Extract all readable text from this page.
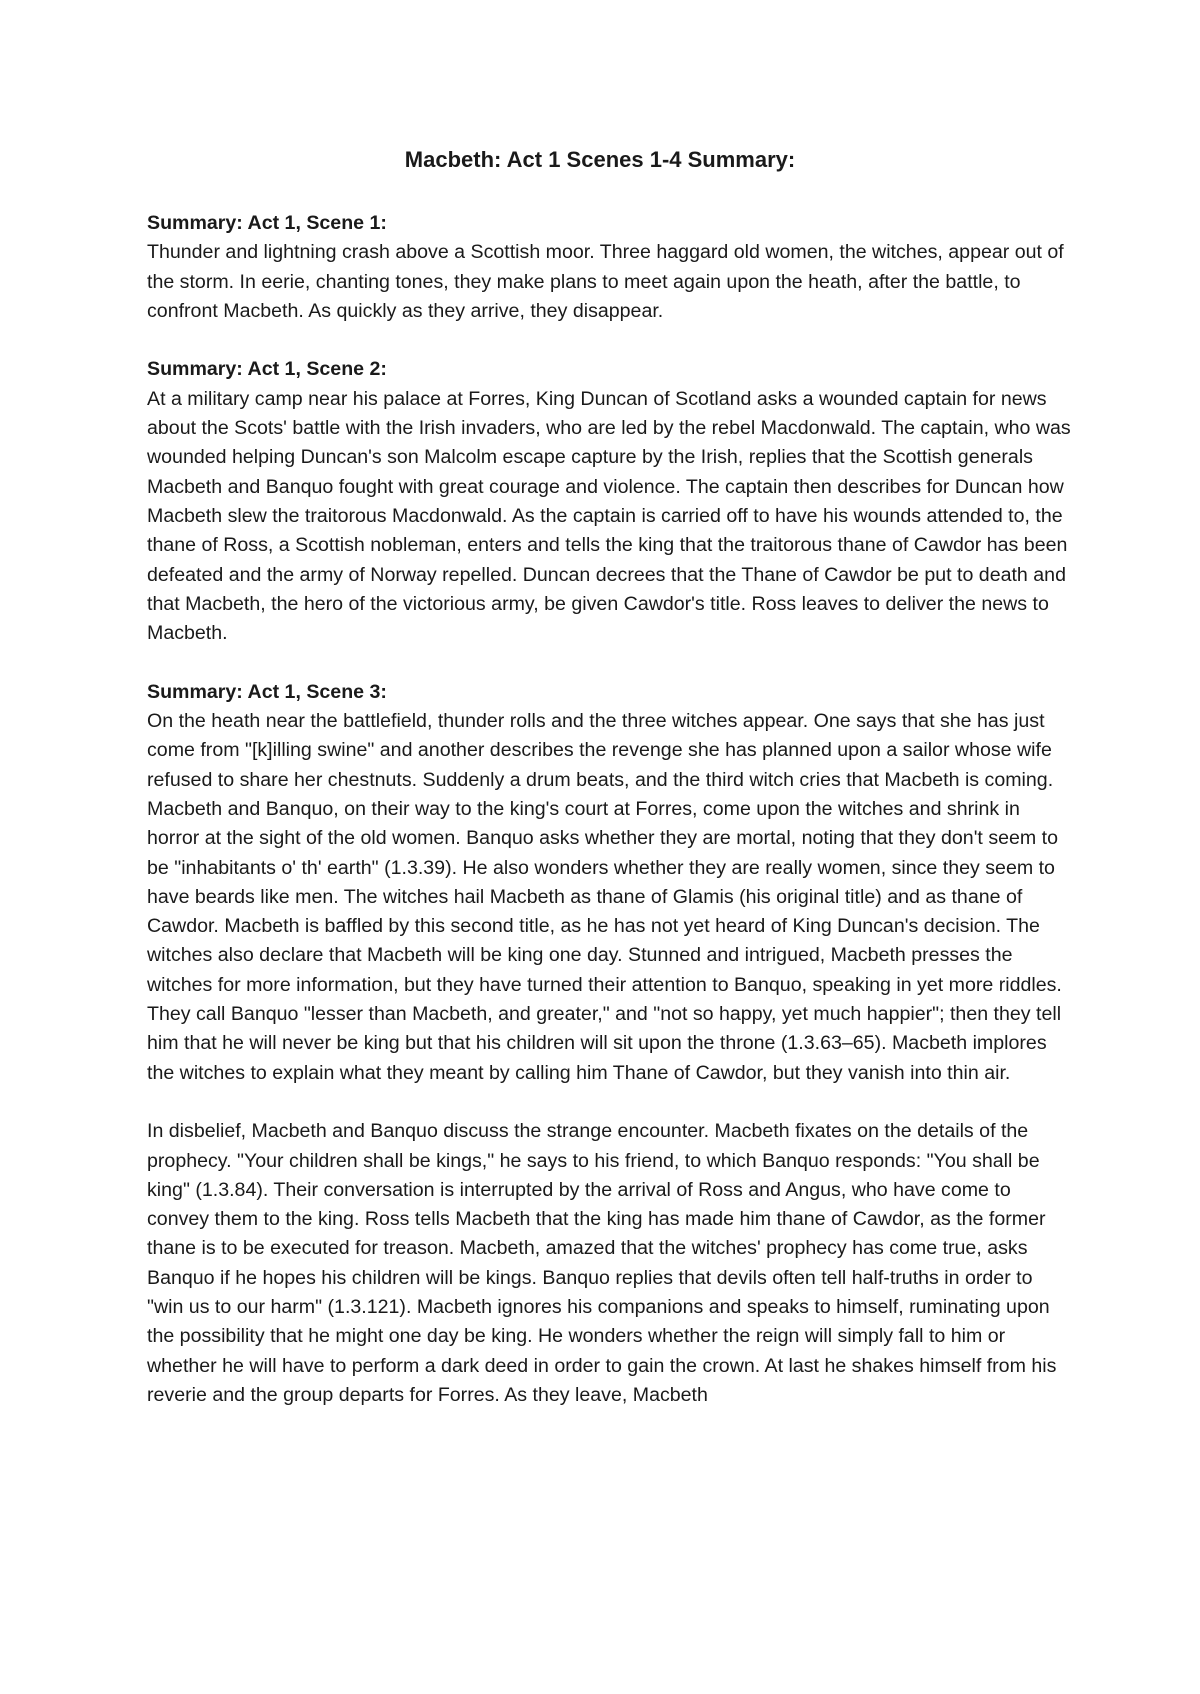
Macbeth: Act 1 Scenes 1-4 Summary:

Summary: Act 1, Scene 1:

Thunder and lightning crash above a Scottish moor. Three haggard old women, the witches, appear out of the storm. In eerie, chanting tones, they make plans to meet again upon the heath, after the battle, to confront Macbeth. As quickly as they arrive, they disappear.

Summary: Act 1, Scene 2:

At a military camp near his palace at Forres, King Duncan of Scotland asks a wounded captain for news about the Scots' battle with the Irish invaders, who are led by the rebel Macdonwald. The captain, who was wounded helping Duncan's son Malcolm escape capture by the Irish, replies that the Scottish generals Macbeth and Banquo fought with great courage and violence. The captain then describes for Duncan how Macbeth slew the traitorous Macdonwald. As the captain is carried off to have his wounds attended to, the thane of Ross, a Scottish nobleman, enters and tells the king that the traitorous thane of Cawdor has been defeated and the army of Norway repelled. Duncan decrees that the Thane of Cawdor be put to death and that Macbeth, the hero of the victorious army, be given Cawdor's title. Ross leaves to deliver the news to Macbeth.

Summary: Act 1, Scene 3:

On the heath near the battlefield, thunder rolls and the three witches appear. One says that she has just come from "[k]illing swine" and another describes the revenge she has planned upon a sailor whose wife refused to share her chestnuts. Suddenly a drum beats, and the third witch cries that Macbeth is coming. Macbeth and Banquo, on their way to the king's court at Forres, come upon the witches and shrink in horror at the sight of the old women. Banquo asks whether they are mortal, noting that they don't seem to be "inhabitants o' th' earth" (1.3.39). He also wonders whether they are really women, since they seem to have beards like men. The witches hail Macbeth as thane of Glamis (his original title) and as thane of Cawdor. Macbeth is baffled by this second title, as he has not yet heard of King Duncan's decision. The witches also declare that Macbeth will be king one day. Stunned and intrigued, Macbeth presses the witches for more information, but they have turned their attention to Banquo, speaking in yet more riddles. They call Banquo "lesser than Macbeth, and greater," and "not so happy, yet much happier"; then they tell him that he will never be king but that his children will sit upon the throne (1.3.63–65). Macbeth implores the witches to explain what they meant by calling him Thane of Cawdor, but they vanish into thin air.

In disbelief, Macbeth and Banquo discuss the strange encounter. Macbeth fixates on the details of the prophecy. "Your children shall be kings," he says to his friend, to which Banquo responds: "You shall be king" (1.3.84). Their conversation is interrupted by the arrival of Ross and Angus, who have come to convey them to the king. Ross tells Macbeth that the king has made him thane of Cawdor, as the former thane is to be executed for treason. Macbeth, amazed that the witches' prophecy has come true, asks Banquo if he hopes his children will be kings. Banquo replies that devils often tell half-truths in order to "win us to our harm" (1.3.121). Macbeth ignores his companions and speaks to himself, ruminating upon the possibility that he might one day be king. He wonders whether the reign will simply fall to him or whether he will have to perform a dark deed in order to gain the crown. At last he shakes himself from his reverie and the group departs for Forres. As they leave, Macbeth
